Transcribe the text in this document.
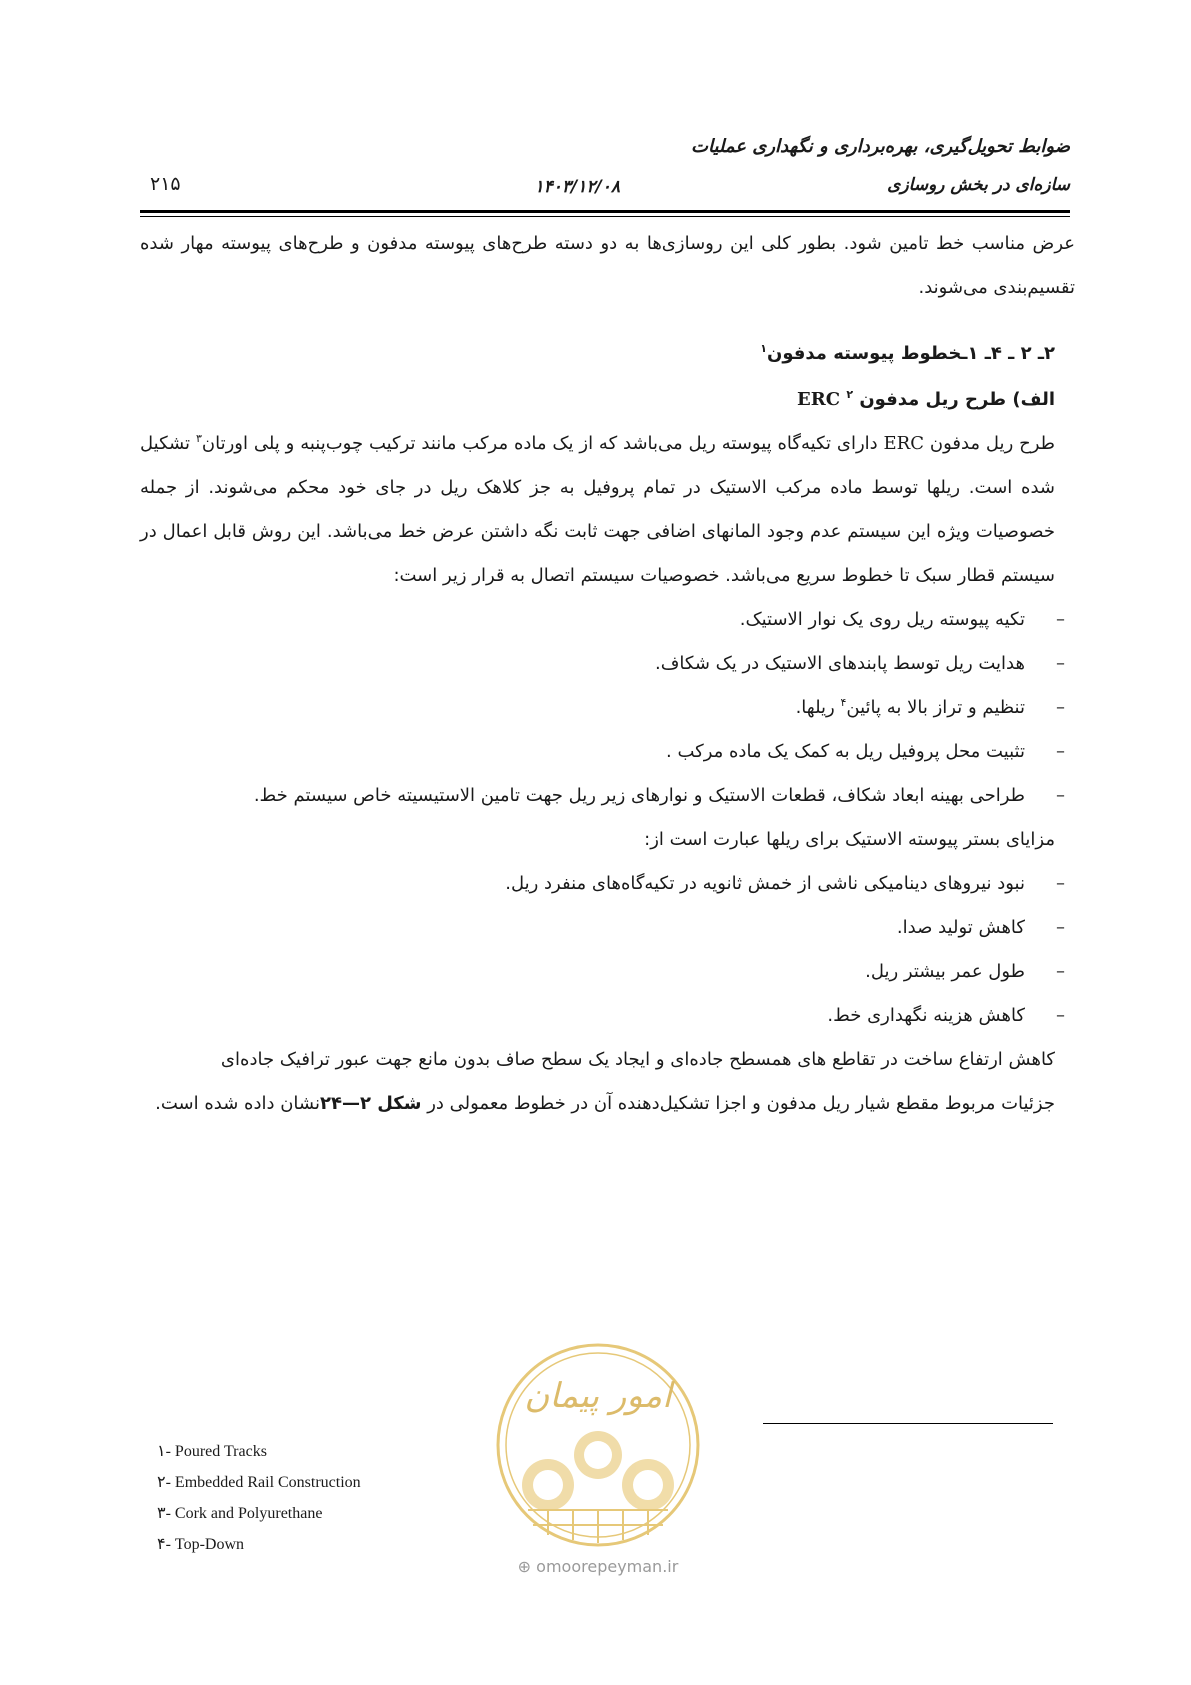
ضوابط تحویل‌گیری، بهره‌برداری و نگهداری عملیات
سازه‌ای در بخش روسازی
۱۴۰۳/۱۲/۰۸
۲۱۵

عرض مناسب خط تامین شود. بطور کلی این روسازی‌ها به دو دسته طرح‌های پیوسته مدفون و طرح‌های پیوسته مهار شده تقسیم‌بندی می‌شوند.

۲ـ ۲ ـ ۴ـ ۱ـخطوط پیوسته مدفون$^۱$

الف) طرح ریل مدفون ERC $^۲$

طرح ریل مدفون ERC دارای تکیه‌گاه پیوسته ریل می‌باشد که از یک ماده مرکب مانند ترکیب چوب‌پنبه و پلی اورتان$^۳$ تشکیل شده است. ریلها توسط ماده مرکب الاستیک در تمام پروفیل به جز کلاهک ریل در جای خود محکم می‌شوند. از جمله خصوصیات ویژه این سیستم عدم وجود المانهای اضافی جهت ثابت نگه داشتن عرض خط می‌باشد. این روش قابل اعمال در سیستم قطار سبک تا خطوط سریع می‌باشد. خصوصیات سیستم اتصال به قرار زیر است:

– تکیه پیوسته ریل روی یک نوار الاستیک.
– هدایت ریل توسط پابندهای الاستیک در یک شکاف.
– تنظیم و تراز بالا به پائین$^۴$ ریلها.
– تثبیت محل پروفیل ریل به کمک یک ماده مرکب .
– طراحی بهینه ابعاد شکاف، قطعات الاستیک و نوارهای زیر ریل جهت تامین الاستیسیته خاص سیستم خط.

مزایای بستر پیوسته الاستیک برای ریلها عبارت است از:

– نبود نیروهای دینامیکی ناشی از خمش ثانویه در تکیه‌گاه‌های منفرد ریل.
– کاهش تولید صدا.
– طول عمر بیشتر ریل.
– کاهش هزینه نگهداری خط.

کاهش ارتفاع ساخت در تقاطع های همسطح جاده‌ای و ایجاد یک سطح صاف بدون مانع جهت عبور ترافیک جاده‌ای

جزئیات مربوط مقطع شیار ریل مدفون و اجزا تشکیل‌دهنده آن در خطوط معمولی در شکل ۲—۲۴نشان داده شده است.

امور پیمان
⊕ omoorepeyman.ir
۱- Poured Tracks
۲- Embedded Rail Construction
۳- Cork and Polyurethane
۴- Top-Down
